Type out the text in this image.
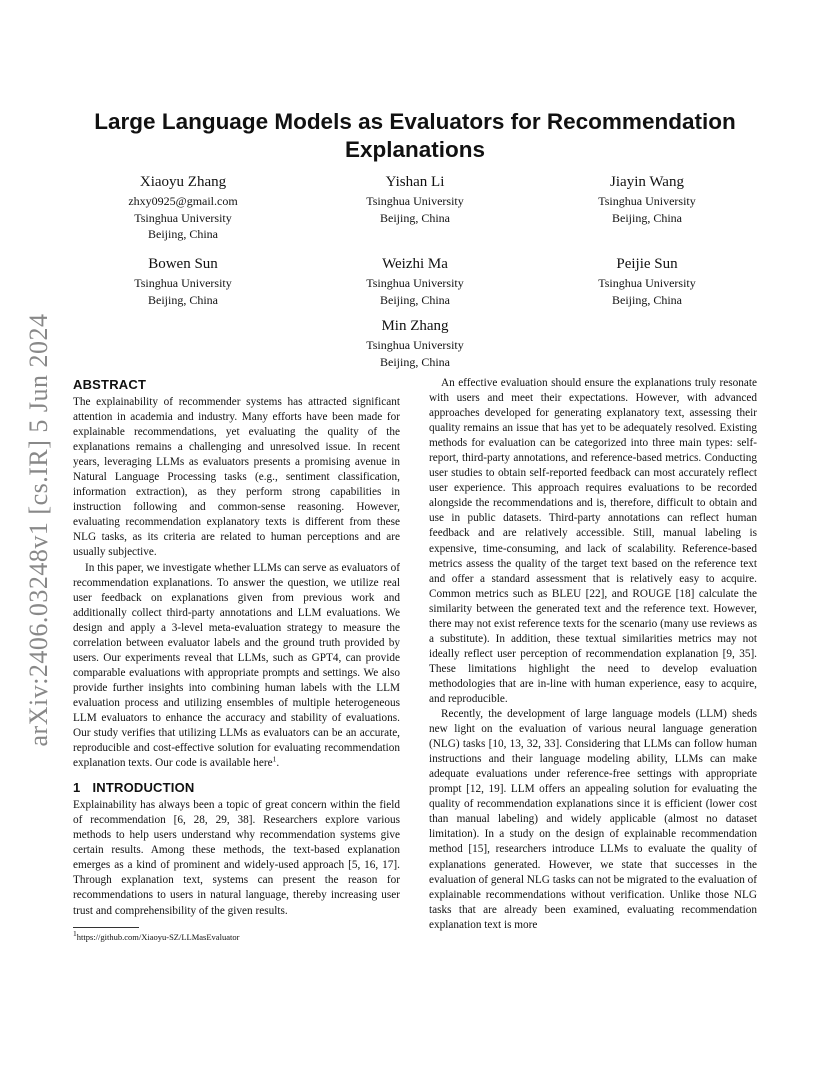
arXiv:2406.03248v1 [cs.IR] 5 Jun 2024
Large Language Models as Evaluators for Recommendation Explanations
Xiaoyu Zhang
zhxy0925@gmail.com
Tsinghua University
Beijing, China
Yishan Li
Tsinghua University
Beijing, China
Jiayin Wang
Tsinghua University
Beijing, China
Bowen Sun
Tsinghua University
Beijing, China
Weizhi Ma
Tsinghua University
Beijing, China
Peijie Sun
Tsinghua University
Beijing, China
Min Zhang
Tsinghua University
Beijing, China
ABSTRACT

The explainability of recommender systems has attracted significant attention in academia and industry. Many efforts have been made for explainable recommendations, yet evaluating the quality of the explanations remains a challenging and unresolved issue. In recent years, leveraging LLMs as evaluators presents a promising avenue in Natural Language Processing tasks (e.g., sentiment classification, information extraction), as they perform strong capabilities in instruction following and common-sense reasoning. However, evaluating recommendation explanatory texts is different from these NLG tasks, as its criteria are related to human perceptions and are usually subjective.

In this paper, we investigate whether LLMs can serve as evaluators of recommendation explanations. To answer the question, we utilize real user feedback on explanations given from previous work and additionally collect third-party annotations and LLM evaluations. We design and apply a 3-level meta-evaluation strategy to measure the correlation between evaluator labels and the ground truth provided by users. Our experiments reveal that LLMs, such as GPT4, can provide comparable evaluations with appropriate prompts and settings. We also provide further insights into combining human labels with the LLM evaluation process and utilizing ensembles of multiple heterogeneous LLM evaluators to enhance the accuracy and stability of evaluations. Our study verifies that utilizing LLMs as evaluators can be an accurate, reproducible and cost-effective solution for evaluating recommendation explanation texts. Our code is available here$^1$.

1 INTRODUCTION

Explainability has always been a topic of great concern within the field of recommendation [6, 28, 29, 38]. Researchers explore various methods to help users understand why recommendation systems give certain results. Among these methods, the text-based explanation emerges as a kind of prominent and widely-used approach [5, 16, 17]. Through explanation text, systems can present the reason for recommendations to users in natural language, thereby increasing user trust and comprehensibility of the given results.

$^1$https://github.com/Xiaoyu-SZ/LLMasEvaluator

An effective evaluation should ensure the explanations truly resonate with users and meet their expectations. However, with advanced approaches developed for generating explanatory text, assessing their quality remains an issue that has yet to be adequately resolved. Existing methods for evaluation can be categorized into three main types: self-report, third-party annotations, and reference-based metrics. Conducting user studies to obtain self-reported feedback can most accurately reflect user experience. This approach requires evaluations to be recorded alongside the recommendations and is, therefore, difficult to obtain and use in public datasets. Third-party annotations can reflect human feedback and are relatively accessible. Still, manual labeling is expensive, time-consuming, and lack of scalability. Reference-based metrics assess the quality of the target text based on the reference text and offer a standard assessment that is relatively easy to acquire. Common metrics such as BLEU [22], and ROUGE [18] calculate the similarity between the generated text and the reference text. However, there may not exist reference texts for the scenario (many use reviews as a substitute). In addition, these textual similarities metrics may not ideally reflect user perception of recommendation explanation [9, 35]. These limitations highlight the need to develop evaluation methodologies that are in-line with human experience, easy to acquire, and reproducible.

Recently, the development of large language models (LLM) sheds new light on the evaluation of various neural language generation (NLG) tasks [10, 13, 32, 33]. Considering that LLMs can follow human instructions and their language modeling ability, LLMs can make adequate evaluations under reference-free settings with appropriate prompt [12, 19]. LLM offers an appealing solution for evaluating the quality of recommendation explanations since it is efficient (lower cost than manual labeling) and widely applicable (almost no dataset limitation). In a study on the design of explainable recommendation method [15], researchers introduce LLMs to evaluate the quality of explanations generated. However, we state that successes in the evaluation of general NLG tasks can not be migrated to the evaluation of explainable recommendations without verification. Unlike those NLG tasks that are already been examined, evaluating recommendation explanation text is more
